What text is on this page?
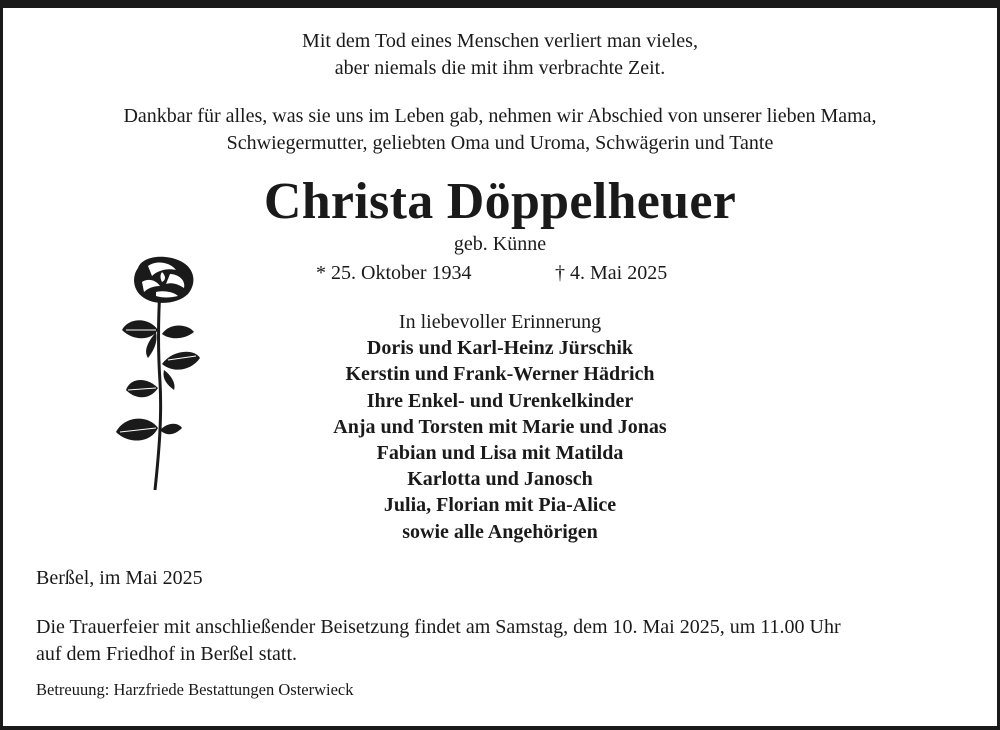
Mit dem Tod eines Menschen verliert man vieles,
aber niemals die mit ihm verbrachte Zeit.
Dankbar für alles, was sie uns im Leben gab, nehmen wir Abschied von unserer lieben Mama,
Schwiegermutter, geliebten Oma und Uroma, Schwägerin und Tante
Christa Döppelheuer
geb. Künne
* 25. Oktober 1934	† 4. Mai 2025
In liebevoller Erinnerung
Doris und Karl-Heinz Jürschik
Kerstin und Frank-Werner Hädrich
Ihre Enkel- und Urenkelkinder
Anja und Torsten mit Marie und Jonas
Fabian und Lisa mit Matilda
Karlotta und Janosch
Julia, Florian mit Pia-Alice
sowie alle Angehörigen
Berßel, im Mai 2025
Die Trauerfeier mit anschließender Beisetzung findet am Samstag, dem 10. Mai 2025, um 11.00 Uhr
auf dem Friedhof in Berßel statt.
Betreuung: Harzfriede Bestattungen Osterwieck
